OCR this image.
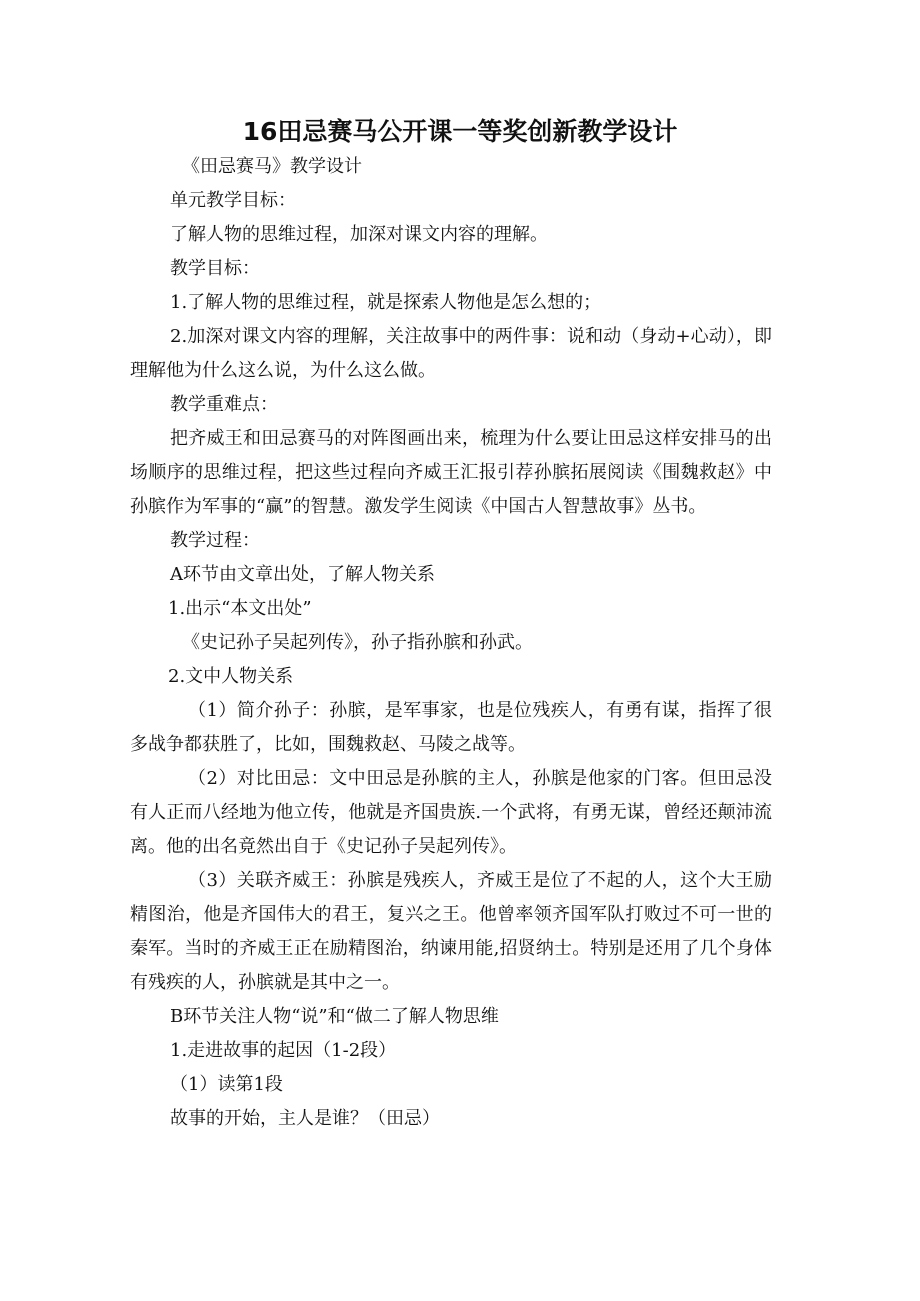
16田忌赛马公开课一等奖创新教学设计

《田忌赛马》教学设计

单元教学目标：

了解人物的思维过程，加深对课文内容的理解。

教学目标：

1.了解人物的思维过程，就是探索人物他是怎么想的；

2.加深对课文内容的理解，关注故事中的两件事：说和动（身动+心动），即理解他为什么这么说，为什么这么做。

教学重难点：

把齐威王和田忌赛马的对阵图画出来，梳理为什么要让田忌这样安排马的出场顺序的思维过程，把这些过程向齐威王汇报引荐孙膑拓展阅读《围魏救赵》中孙膑作为军事的“赢”的智慧。激发学生阅读《中国古人智慧故事》丛书。

教学过程：

A环节由文章出处，了解人物关系

1.出示“本文出处”

《史记孙子吴起列传》，孙子指孙膑和孙武。

2.文中人物关系

（1）简介孙子：孙膑，是军事家，也是位残疾人，有勇有谋，指挥了很多战争都获胜了，比如，围魏救赵、马陵之战等。

（2）对比田忌：文中田忌是孙膑的主人，孙膑是他家的门客。但田忌没有人正而八经地为他立传，他就是齐国贵族.一个武将，有勇无谋，曾经还颠沛流离。他的出名竟然出自于《史记孙子吴起列传》。

（3）关联齐威王：孙膑是残疾人，齐威王是位了不起的人，这个大王励精图治，他是齐国伟大的君王，复兴之王。他曾率领齐国军队打败过不可一世的秦军。当时的齐威王正在励精图治，纳谏用能,招贤纳士。特别是还用了几个身体有残疾的人，孙膑就是其中之一。

B环节关注人物“说”和“做二了解人物思维

1.走进故事的起因（1-2段）

（1）读第1段

故事的开始，主人是谁？（田忌）
